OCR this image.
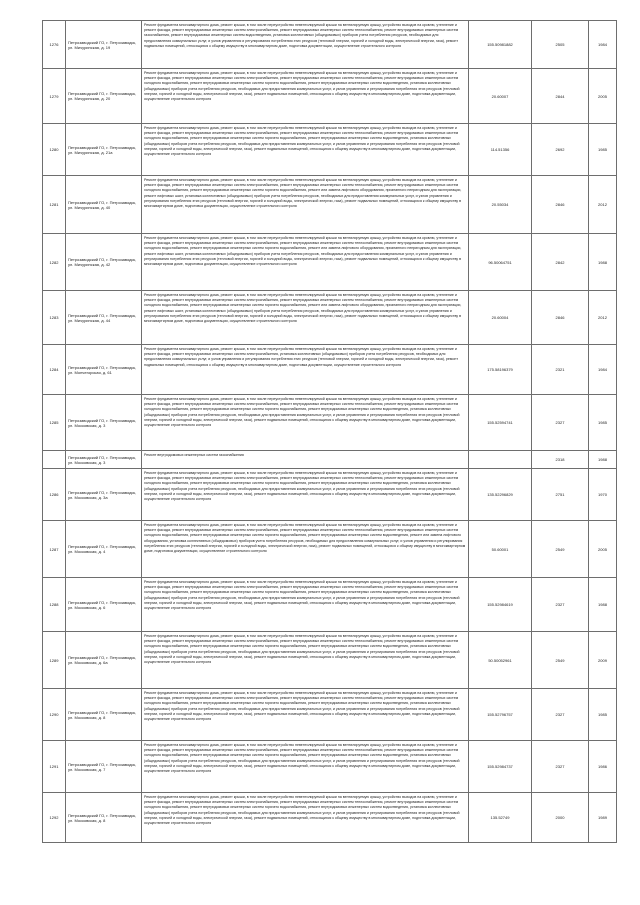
1276	Петрозаводский ГО, г. Петрозаводск, ул. Мичуринская, д. 19	Ремонт фундамента многоквартирного дома, ремонт крыши, в том числе переустройство невентилируемой крыши на вентилируемую крышу, устройство выходов на кровлю, утепление и ремонт фасада, ремонт внутридомовых инженерных систем электроснабжения, ремонт внутридомовых инженерных систем теплоснабжения, ремонт внутридомовых инженерных систем газоснабжения, ремонт внутридомовых инженерных систем водоотведения, установка коллективных (общедомовых) приборов учета потребления ресурсов, необходимых для предоставления коммунальных услуг, и узлов управления и регулирования потребления этих ресурсов (тепловой энергии, горячей и холодной воды, электрической энергии, газа), ремонт подвальных помещений, относящихся к общему имуществу в многоквартирном доме, подготовка документации, осуществление строительного контроля	155.50981882	2505	1984
1279	Петрозаводский ГО, г. Петрозаводск, ул. Мичуринская, д. 20	Ремонт фундамента многоквартирного дома, ремонт крыши, в том числе переустройство невентилируемой крыши на вентилируемую крышу, устройство выходов на кровлю, утепление и ремонт фасада, ремонт внутридомовых инженерных систем электроснабжения, ремонт внутридомовых инженерных систем теплоснабжения, ремонт внутридомовых инженерных систем холодного водоснабжения, ремонт внутридомовых инженерных систем горячего водоснабжения, ремонт внутридомовых инженерных систем водоотведения, установка коллективных (общедомовых) приборов учета потребления ресурсов, необходимых для предоставления коммунальных услуг, и узлов управления и регулирования потребления этих ресурсов (тепловой энергии, горячей и холодной воды, электрической энергии, газа), ремонт подвальных помещений, относящихся к общему имуществу в многоквартирном доме, подготовка документации, осуществление строительного контроля	20.60007	2844	2005
1280	Петрозаводский ГО, г. Петрозаводск, ул. Мичуринская, д. 21а	Ремонт фундамента многоквартирного дома, ремонт крыши, в том числе переустройство невентилируемой крыши на вентилируемую крышу, устройство выходов на кровлю, утепление и ремонт фасада, ремонт внутридомовых инженерных систем электроснабжения, ремонт внутридомовых инженерных систем теплоснабжения, ремонт внутридомовых инженерных систем холодного водоснабжения, ремонт внутридомовых инженерных систем горячего водоснабжения, ремонт внутридомовых инженерных систем водоотведения, установка коллективных (общедомовых) приборов учета потребления ресурсов, необходимых для предоставления коммунальных услуг, и узлов управления и регулирования потребления этих ресурсов (тепловой энергии, горячей и холодной воды, электрической энергии, газа), ремонт подвальных помещений, относящихся к общему имуществу в многоквартирном доме, подготовка документации, осуществление строительного контроля	114.51356	2692	1985
1281	Петрозаводский ГО, г. Петрозаводск, ул. Мичуринская, д. 40	Ремонт фундамента многоквартирного дома, ремонт крыши, в том числе переустройство невентилируемой крыши на вентилируемую крышу, устройство выходов на кровлю, утепление и ремонт фасада, ремонт внутридомовых инженерных систем электроснабжения, ремонт внутридомовых инженерных систем теплоснабжения, ремонт внутридомовых инженерных систем холодного водоснабжения, ремонт внутридомовых инженерных систем горячего водоснабжения, ремонт или замена лифтового оборудования, признанного непригодным для эксплуатации, ремонт лифтовых шахт, установка коллективных (общедомовых) приборов учета потребления ресурсов, необходимых для предоставления коммунальных услуг, и узлов управления и регулирования потребления этих ресурсов (тепловой энергии, горячей и холодной воды, электрической энергии, газа), ремонт подвальных помещений, относящихся к общему имуществу в многоквартирном доме, подготовка документации, осуществление строительного контроля	20.55034	2846	2012
1282	Петрозаводский ГО, г. Петрозаводск, ул. Мичуринская, д. 42	Ремонт фундамента многоквартирного дома, ремонт крыши, в том числе переустройство невентилируемой крыши на вентилируемую крышу, устройство выходов на кровлю, утепление и ремонт фасада, ремонт внутридомовых инженерных систем электроснабжения, ремонт внутридомовых инженерных систем теплоснабжения, ремонт внутридомовых инженерных систем холодного водоснабжения, ремонт внутридомовых инженерных систем горячего водоснабжения, ремонт или замена лифтового оборудования, признанного непригодным для эксплуатации, ремонт лифтовых шахт, установка коллективных (общедомовых) приборов учета потребления ресурсов, необходимых для предоставления коммунальных услуг, и узлов управления и регулирования потребления этих ресурсов (тепловой энергии, горячей и холодной воды, электрической энергии, газа), ремонт подвальных помещений, относящихся к общему имуществу в многоквартирном доме, подготовка документации, осуществление строительного контроля	96.50064751	2842	1988
1283	Петрозаводский ГО, г. Петрозаводск, ул. Мичуринская, д. 44	Ремонт фундамента многоквартирного дома, ремонт крыши, в том числе переустройство невентилируемой крыши на вентилируемую крышу, устройство выходов на кровлю, утепление и ремонт фасада, ремонт внутридомовых инженерных систем электроснабжения, ремонт внутридомовых инженерных систем теплоснабжения, ремонт внутридомовых инженерных систем холодного водоснабжения, ремонт внутридомовых инженерных систем горячего водоснабжения, ремонт или замена лифтового оборудования, признанного непригодным для эксплуатации, ремонт лифтовых шахт, установка коллективных (общедомовых) приборов учета потребления ресурсов, необходимых для предоставления коммунальных услуг, и узлов управления и регулирования потребления этих ресурсов (тепловой энергии, горячей и холодной воды, электрической энергии, газа), ремонт подвальных помещений, относящихся к общему имуществу в многоквартирном доме, подготовка документации, осуществление строительного контроля	20.60004	2846	2012
1284	Петрозаводский ГО, г. Петрозаводск, ул. Мончегорская, д. 61	Ремонт фундамента многоквартирного дома, ремонт крыши, в том числе переустройство невентилируемой крыши на вентилируемую крышу, устройство выходов на кровлю, утепление и ремонт фасада, ремонт внутридомовых инженерных систем электроснабжения, установка коллективных (общедомовых) приборов учета потребления ресурсов, необходимых для предоставления коммунальных услуг, и узлов управления и регулирования потребления этих ресурсов (тепловой энергии, горячей и холодной воды, электрической энергии, газа), ремонт подвальных помещений, относящихся к общему имуществу в многоквартирном доме, подготовка документации, осуществление строительного контроля	175.58196379	2321	1984
1285	Петрозаводский ГО, г. Петрозаводск, ул. Московская, д. 3	Ремонт фундамента многоквартирного дома, ремонт крыши, в том числе переустройство невентилируемой крыши на вентилируемую крышу, устройство выходов на кровлю, утепление и ремонт фасада, ремонт внутридомовых инженерных систем электроснабжения, ремонт внутридомовых инженерных систем теплоснабжения, ремонт внутридомовых инженерных систем холодного водоснабжения, ремонт внутридомовых инженерных систем горячего водоснабжения, ремонт внутридомовых инженерных систем водоотведения, установка коллективных (общедомовых) приборов учета потребления ресурсов, необходимых для предоставления коммунальных услуг, и узлов управления и регулирования потребления этих ресурсов (тепловой энергии, горячей и холодной воды, электрической энергии, газа), ремонт подвальных помещений, относящихся к общему имуществу в многоквартирном доме, подготовка документации, осуществление строительного контроля	155.52594741	2327	1985
	Петрозаводский ГО, г. Петрозаводск, ул. Московская, д. 3	Ремонт внутридомовых инженерных систем газоснабжения		2318	1988
1286	Петрозаводский ГО, г. Петрозаводск, ул. Московская, д. 3а	Ремонт фундамента многоквартирного дома, ремонт крыши, в том числе переустройство невентилируемой крыши на вентилируемую крышу, устройство выходов на кровлю, утепление и ремонт фасада, ремонт внутридомовых инженерных систем электроснабжения, ремонт внутридомовых инженерных систем теплоснабжения, ремонт внутридомовых инженерных систем холодного водоснабжения, ремонт внутридомовых инженерных систем горячего водоснабжения, ремонт внутридомовых инженерных систем водоотведения, установка коллективных (общедомовых) приборов учета потребления ресурсов, необходимых для предоставления коммунальных услуг, и узлов управления и регулирования потребления этих ресурсов (тепловой энергии, горячей и холодной воды, электрической энергии, газа), ремонт подвальных помещений, относящихся к общему имуществу в многоквартирном доме, подготовка документации, осуществление строительного контроля	135.52296829	2751	1970
1287	Петрозаводский ГО, г. Петрозаводск, ул. Московская, д. 4	Ремонт фундамента многоквартирного дома, ремонт крыши, в том числе переустройство невентилируемой крыши на вентилируемую крышу, устройство выходов на кровлю, утепление и ремонт фасада, ремонт внутридомовых инженерных систем электроснабжения, ремонт внутридомовых инженерных систем теплоснабжения, ремонт внутридомовых инженерных систем холодного водоснабжения, ремонт внутридомовых инженерных систем горячего водоснабжения, ремонт внутридомовых инженерных систем водоотведения, ремонт или замена лифтового оборудования, установка коллективных (общедомовых) приборов учета потребления ресурсов, необходимых для предоставления коммунальных услуг, и узлов управления и регулирования потребления этих ресурсов (тепловой энергии, горячей и холодной воды, электрической энергии, газа), ремонт подвальных помещений, относящихся к общему имуществу в многоквартирном доме, подготовка документации, осуществление строительного контроля	50.60001	2549	2005
1288	Петрозаводский ГО, г. Петрозаводск, ул. Московская, д. 6	Ремонт фундамента многоквартирного дома, ремонт крыши, в том числе переустройство невентилируемой крыши на вентилируемую крышу, устройство выходов на кровлю, утепление и ремонт фасада, ремонт внутридомовых инженерных систем электроснабжения, ремонт внутридомовых инженерных систем теплоснабжения, ремонт внутридомовых инженерных систем холодного водоснабжения, ремонт внутридомовых инженерных систем горячего водоснабжения, ремонт внутридомовых инженерных систем водоотведения, установка коллективных (общедомовых) приборов учета потребления ресурсов, необходимых для предоставления коммунальных услуг, и узлов управления и регулирования потребления этих ресурсов (тепловой энергии, горячей и холодной воды, электрической энергии, газа), ремонт подвальных помещений, относящихся к общему имуществу в многоквартирном доме, подготовка документации, осуществление строительного контроля	155.52984619	2327	1988
1289	Петрозаводский ГО, г. Петрозаводск, ул. Московская, д. 6а	Ремонт фундамента многоквартирного дома, ремонт крыши, в том числе переустройство невентилируемой крыши на вентилируемую крышу, устройство выходов на кровлю, утепление и ремонт фасада, ремонт внутридомовых инженерных систем электроснабжения, ремонт внутридомовых инженерных систем теплоснабжения, ремонт внутридомовых инженерных систем холодного водоснабжения, ремонт внутридомовых инженерных систем горячего водоснабжения, ремонт внутридомовых инженерных систем водоотведения, установка коллективных (общедомовых) приборов учета потребления ресурсов, необходимых для предоставления коммунальных услуг, и узлов управления и регулирования потребления этих ресурсов (тепловой энергии, горячей и холодной воды, электрической энергии, газа), ремонт подвальных помещений, относящихся к общему имуществу в многоквартирном доме, подготовка документации, осуществление строительного контроля	50.50052961	2549	2009
1290	Петрозаводский ГО, г. Петрозаводск, ул. Московская, д. 8	Ремонт фундамента многоквартирного дома, ремонт крыши, в том числе переустройство невентилируемой крыши на вентилируемую крышу, устройство выходов на кровлю, утепление и ремонт фасада, ремонт внутридомовых инженерных систем электроснабжения, ремонт внутридомовых инженерных систем теплоснабжения, ремонт внутридомовых инженерных систем холодного водоснабжения, ремонт внутридомовых инженерных систем горячего водоснабжения, ремонт внутридомовых инженерных систем водоотведения, установка коллективных (общедомовых) приборов учета потребления ресурсов, необходимых для предоставления коммунальных услуг, и узлов управления и регулирования потребления этих ресурсов (тепловой энергии, горячей и холодной воды, электрической энергии, газа), ремонт подвальных помещений, относящихся к общему имуществу в многоквартирном доме, подготовка документации, осуществление строительного контроля	155.52796757	2327	1985
1291	Петрозаводский ГО, г. Петрозаводск, ул. Московская, д. 7	Ремонт фундамента многоквартирного дома, ремонт крыши, в том числе переустройство невентилируемой крыши на вентилируемую крышу, устройство выходов на кровлю, утепление и ремонт фасада, ремонт внутридомовых инженерных систем электроснабжения, ремонт внутридомовых инженерных систем теплоснабжения, ремонт внутридомовых инженерных систем холодного водоснабжения, ремонт внутридомовых инженерных систем горячего водоснабжения, ремонт внутридомовых инженерных систем водоотведения, установка коллективных (общедомовых) приборов учета потребления ресурсов, необходимых для предоставления коммунальных услуг, и узлов управления и регулирования потребления этих ресурсов (тепловой энергии, горячей и холодной воды, электрической энергии, газа), ремонт подвальных помещений, относящихся к общему имуществу в многоквартирном доме, подготовка документации, осуществление строительного контроля	155.52984737	2327	1986
1292	Петрозаводский ГО, г. Петрозаводск, ул. Московская, д. 8	Ремонт фундамента многоквартирного дома, ремонт крыши, в том числе переустройство невентилируемой крыши на вентилируемую крышу, устройство выходов на кровлю, утепление и ремонт фасада, ремонт внутридомовых инженерных систем электроснабжения, ремонт внутридомовых инженерных систем теплоснабжения, ремонт внутридомовых инженерных систем холодного водоснабжения, ремонт внутридомовых инженерных систем горячего водоснабжения, ремонт внутридомовых инженерных систем водоотведения, установка коллективных (общедомовых) приборов учета потребления ресурсов, необходимых для предоставления коммунальных услуг, и узлов управления и регулирования потребления этих ресурсов (тепловой энергии, горячей и холодной воды, электрической энергии, газа), ремонт подвальных помещений, относящихся к общему имуществу в многоквартирном доме, подготовка документации, осуществление строительного контроля	135.52749	2000	1989
